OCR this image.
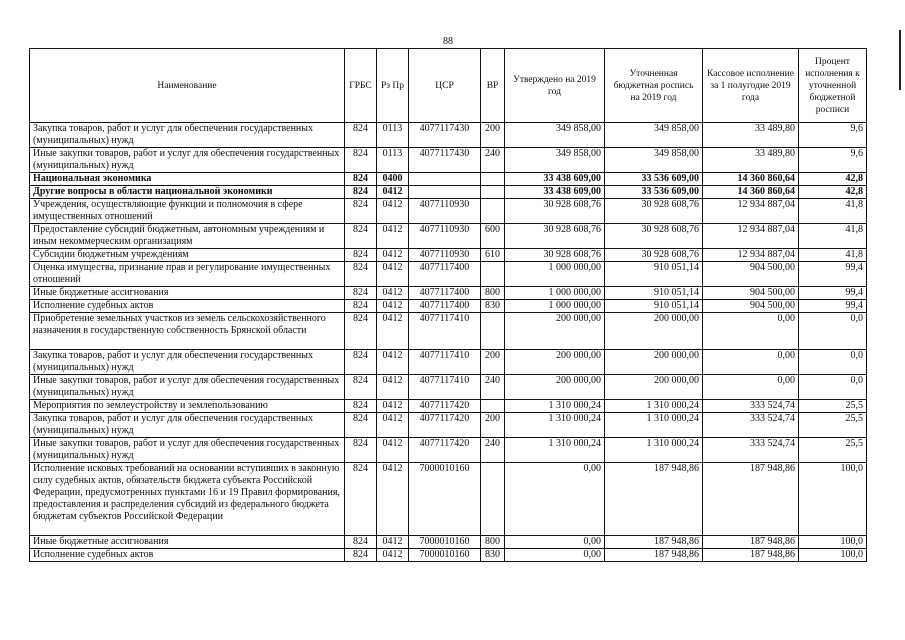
88
Наименование	ГРБС	Рз Пр	ЦСР	ВР	Утверждено на 2019 год	Уточненная бюджетная роспись на 2019 год	Кассовое исполнение за 1 полугодие 2019 года	Процент исполнения к уточненной бюджетной росписи
Закупка товаров, работ и услуг для обеспечения государственных (муниципальных) нужд	824	0113	4077117430	200	349 858,00	349 858,00	33 489,80	9,6
Иные закупки товаров, работ и услуг для обеспечения государственных (муниципальных) нужд	824	0113	4077117430	240	349 858,00	349 858,00	33 489,80	9,6
Национальная экономика	824	0400			33 438 609,00	33 536 609,00	14 360 860,64	42,8
Другие вопросы в области национальной экономики	824	0412			33 438 609,00	33 536 609,00	14 360 860,64	42,8
Учреждения, осуществляющие функции и полномочия в сфере имущественных отношений	824	0412	4077110930		30 928 608,76	30 928 608,76	12 934 887,04	41,8
Предоставление субсидий бюджетным, автономным учреждениям и иным некоммерческим организациям	824	0412	4077110930	600	30 928 608,76	30 928 608,76	12 934 887,04	41,8
Субсидии бюджетным учреждениям	824	0412	4077110930	610	30 928 608,76	30 928 608,76	12 934 887,04	41,8
Оценка имущества, признание прав и регулирование имущественных отношений	824	0412	4077117400		1 000 000,00	910 051,14	904 500,00	99,4
Иные бюджетные ассигнования	824	0412	4077117400	800	1 000 000,00	910 051,14	904 500,00	99,4
Исполнение судебных актов	824	0412	4077117400	830	1 000 000,00	910 051,14	904 500,00	99,4
Приобретение земельных участков из земель сельскохозяйственного назначения в государственную собственность Брянской области	824	0412	4077117410		200 000,00	200 000,00	0,00	0,0
Закупка товаров, работ и услуг для обеспечения государственных (муниципальных) нужд	824	0412	4077117410	200	200 000,00	200 000,00	0,00	0,0
Иные закупки товаров, работ и услуг для обеспечения государственных (муниципальных) нужд	824	0412	4077117410	240	200 000,00	200 000,00	0,00	0,0
Мероприятия по землеустройству и землепользованию	824	0412	4077117420		1 310 000,24	1 310 000,24	333 524,74	25,5
Закупка товаров, работ и услуг для обеспечения государственных (муниципальных) нужд	824	0412	4077117420	200	1 310 000,24	1 310 000,24	333 524,74	25,5
Иные закупки товаров, работ и услуг для обеспечения государственных (муниципальных) нужд	824	0412	4077117420	240	1 310 000,24	1 310 000,24	333 524,74	25,5
Исполнение исковых требований на основании вступивших в законную силу судебных актов, обязательств бюджета субъекта Российской Федерации, предусмотренных пунктами 16 и 19 Правил формирования, предоставления и распределения субсидий из федерального бюджета бюджетам субъектов Российской Федерации	824	0412	7000010160		0,00	187 948,86	187 948,86	100,0
Иные бюджетные ассигнования	824	0412	7000010160	800	0,00	187 948,86	187 948,86	100,0
Исполнение судебных актов	824	0412	7000010160	830	0,00	187 948,86	187 948,86	100,0
